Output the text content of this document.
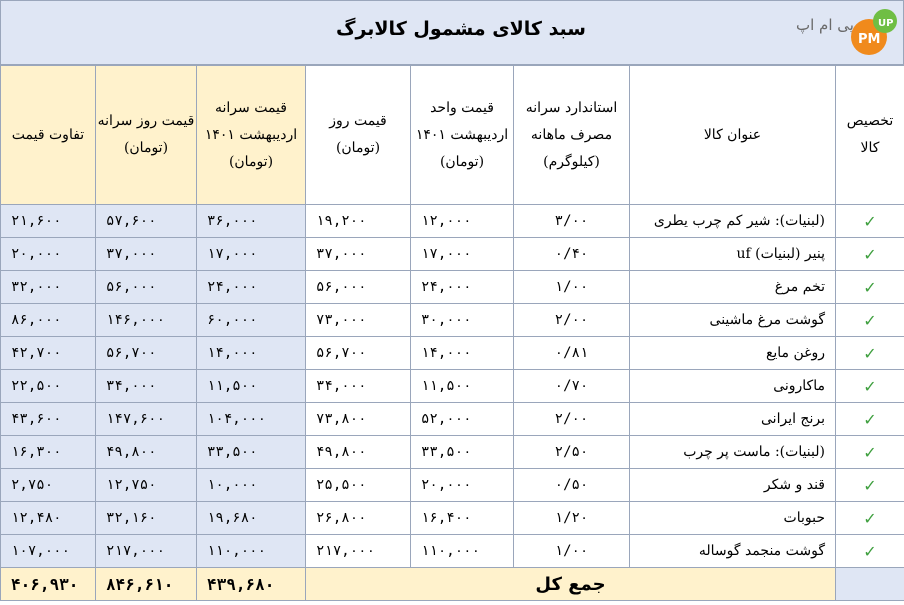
سبد کالای مشمول کالابرگ	پی ام اپ
PM
UP
تخصیص کالا	عنوان کالا	استاندارد سرانه مصرف ماهانه (کیلوگرم)	قیمت واحد اردیبهشت ۱۴۰۱ (تومان)	قیمت روز (تومان)	قیمت سرانه اردیبهشت ۱۴۰۱ (تومان)	قیمت روز سرانه (تومان)	تفاوت قیمت
✓	(لبنیات): شیر کم چرب یطری	۳/۰۰	۱۲,۰۰۰	۱۹,۲۰۰	۳۶,۰۰۰	۵۷,۶۰۰	۲۱,۶۰۰
✓	پنیر (لبنیات) uf	۰/۴۰	۱۷,۰۰۰	۳۷,۰۰۰	۱۷,۰۰۰	۳۷,۰۰۰	۲۰,۰۰۰
✓	تخم مرغ	۱/۰۰	۲۴,۰۰۰	۵۶,۰۰۰	۲۴,۰۰۰	۵۶,۰۰۰	۳۲,۰۰۰
✓	گوشت مرغ ماشینی	۲/۰۰	۳۰,۰۰۰	۷۳,۰۰۰	۶۰,۰۰۰	۱۴۶,۰۰۰	۸۶,۰۰۰
✓	روغن مایع	۰/۸۱	۱۴,۰۰۰	۵۶,۷۰۰	۱۴,۰۰۰	۵۶,۷۰۰	۴۲,۷۰۰
✓	ماکارونی	۰/۷۰	۱۱,۵۰۰	۳۴,۰۰۰	۱۱,۵۰۰	۳۴,۰۰۰	۲۲,۵۰۰
✓	برنج ایرانی	۲/۰۰	۵۲,۰۰۰	۷۳,۸۰۰	۱۰۴,۰۰۰	۱۴۷,۶۰۰	۴۳,۶۰۰
✓	(لبنیات): ماست پر چرب	۲/۵۰	۳۳,۵۰۰	۴۹,۸۰۰	۳۳,۵۰۰	۴۹,۸۰۰	۱۶,۳۰۰
✓	قند و شکر	۰/۵۰	۲۰,۰۰۰	۲۵,۵۰۰	۱۰,۰۰۰	۱۲,۷۵۰	۲,۷۵۰
✓	حبوبات	۱/۲۰	۱۶,۴۰۰	۲۶,۸۰۰	۱۹,۶۸۰	۳۲,۱۶۰	۱۲,۴۸۰
✓	گوشت منجمد گوساله	۱/۰۰	۱۱۰,۰۰۰	۲۱۷,۰۰۰	۱۱۰,۰۰۰	۲۱۷,۰۰۰	۱۰۷,۰۰۰
	جمع کل				۴۳۹,۶۸۰	۸۴۶,۶۱۰	۴۰۶,۹۳۰
